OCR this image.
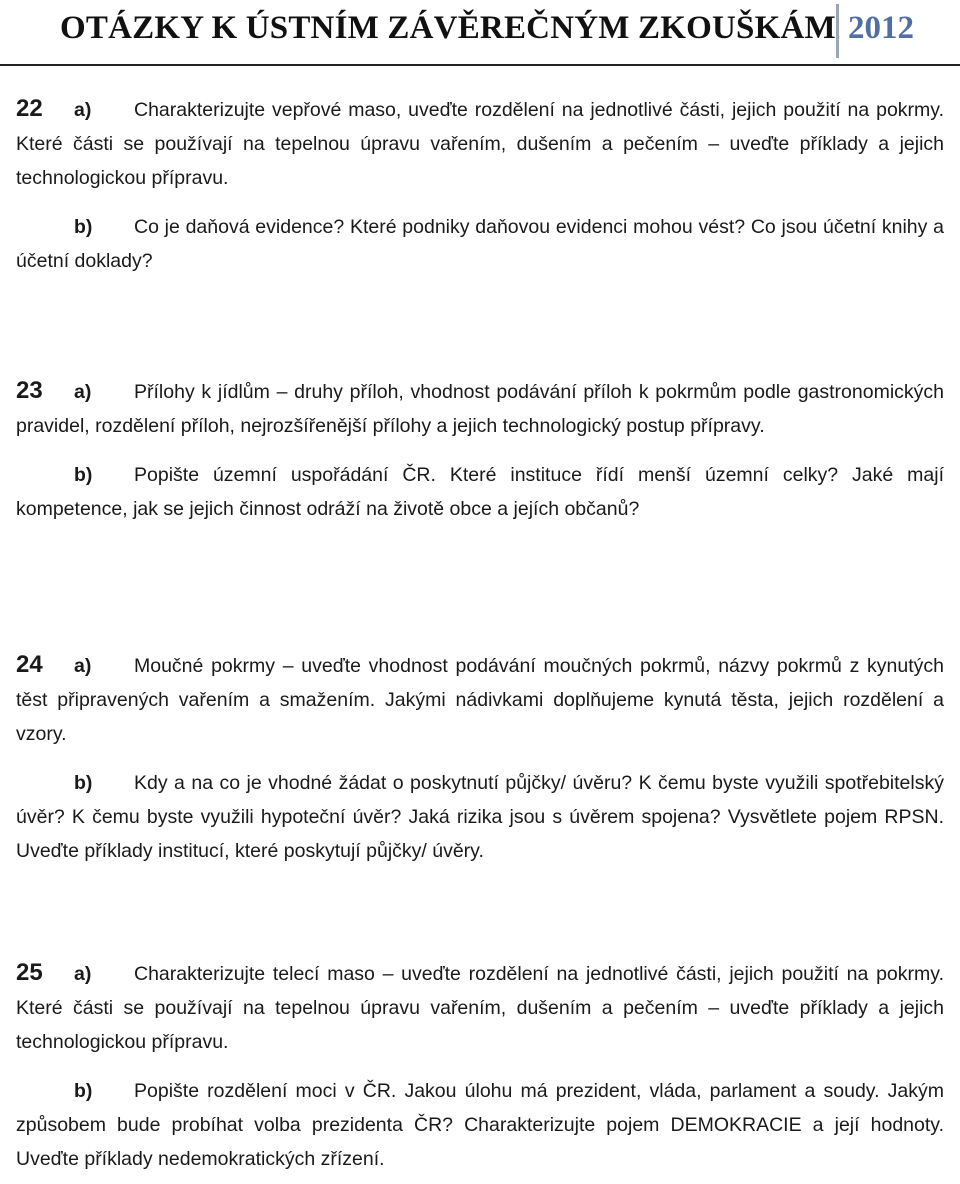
OTÁZKY K ÚSTNÍM ZÁVĚREČNÝM ZKOUŠKÁM 2012

22 a) Charakterizujte vepřové maso, uveďte rozdělení na jednotlivé části, jejich použití na pokrmy. Které části se používají na tepelnou úpravu vařením, dušením a pečením – uveďte příklady a jejich technologickou přípravu.

b) Co je daňová evidence? Které podniky daňovou evidenci mohou vést? Co jsou účetní knihy a účetní doklady?

23 a) Přílohy k jídlům – druhy příloh, vhodnost podávání příloh k pokrmům podle gastronomických pravidel, rozdělení příloh, nejrozšířenější přílohy a jejich technologický postup přípravy.

b) Popište územní uspořádání ČR. Které instituce řídí menší územní celky? Jaké mají kompetence, jak se jejich činnost odráží na životě obce a jejích občanů?

24 a) Moučné pokrmy – uveďte vhodnost podávání moučných pokrmů, názvy pokrmů z kynutých těst připravených vařením a smažením. Jakými nádivkami doplňujeme kynutá těsta, jejich rozdělení a vzory.

b) Kdy a na co je vhodné žádat o poskytnutí půjčky/ úvěru? K čemu byste využili spotřebitelský úvěr? K čemu byste využili hypoteční úvěr? Jaká rizika jsou s úvěrem spojena? Vysvětlete pojem RPSN. Uveďte příklady institucí, které poskytují půjčky/ úvěry.

25 a) Charakterizujte telecí maso – uveďte rozdělení na jednotlivé části, jejich použití na pokrmy. Které části se používají na tepelnou úpravu vařením, dušením a pečením – uveďte příklady a jejich technologickou přípravu.

b) Popište rozdělení moci v ČR. Jakou úlohu má prezident, vláda, parlament a soudy. Jakým způsobem bude probíhat volba prezidenta ČR? Charakterizujte pojem DEMOKRACIE a její hodnoty. Uveďte příklady nedemokratických zřízení.
